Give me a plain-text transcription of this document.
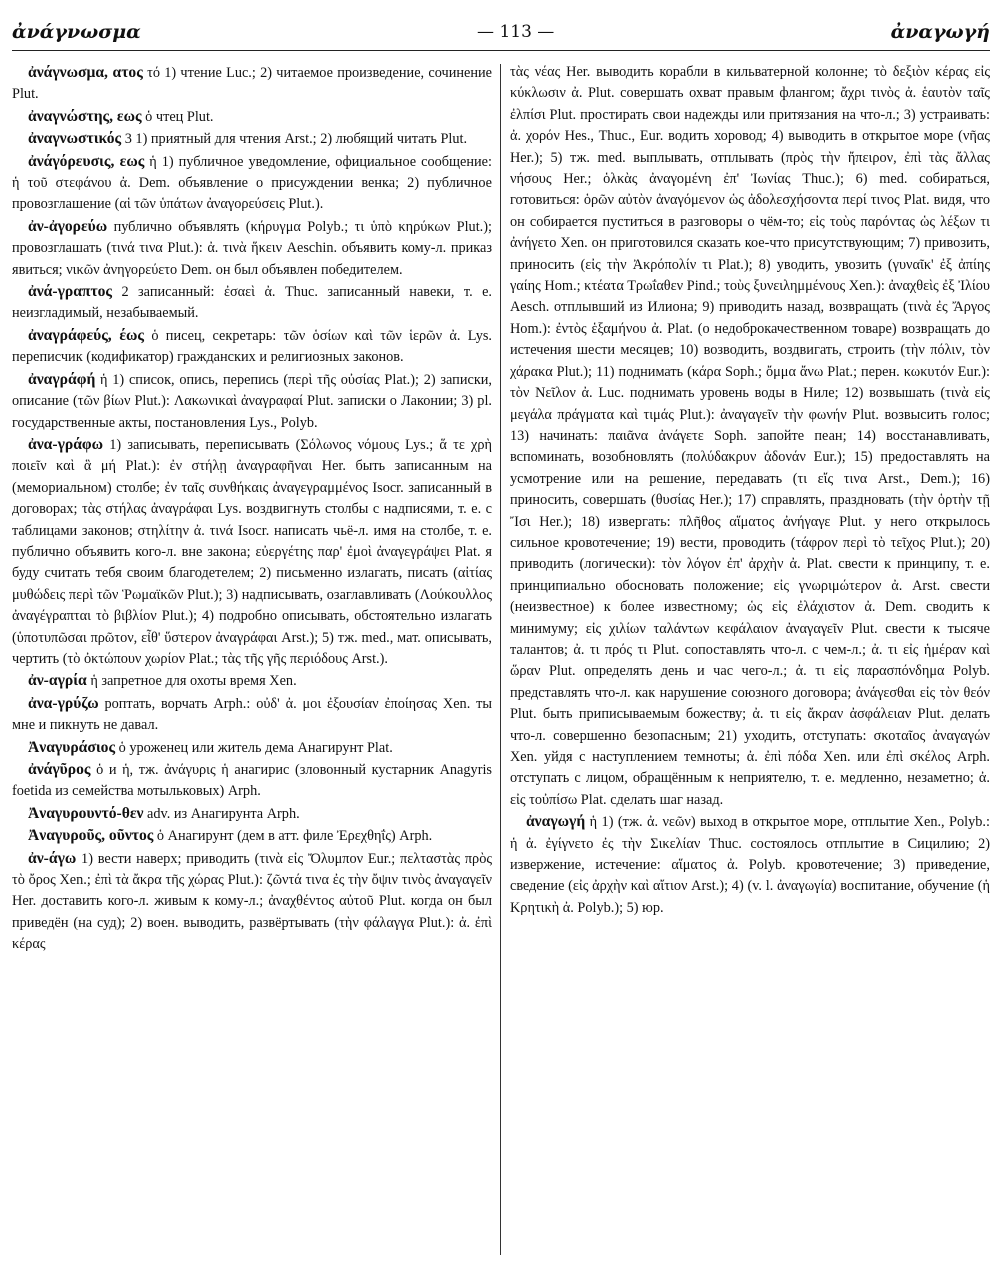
ἀνάγνωσμα	— 113 —	ἀναγωγή

ἀνάγνωσμα, ατος τό 1) чтение Luc.; 2) читаемое произведение, сочинение Plut.

ἀναγνώστης, εως ὁ чтец Plut.

ἀναγνωστικός 3 1) приятный для чтения Arst.; 2) любящий читать Plut.

ἀνάγόρευσις, εως ἡ 1) публичное уведомление, официальное сообщение: ἡ τοῦ στεφάνου ἀ. Dem. объявление о присуждении венка; 2) публичное провозглашение (αἱ τῶν ὑπάτων ἀναγορεύσεις Plut.).

ἀν-ἀγορεύω публично объявлять (κήρυγμα Polyb.; τι ὑπὸ κηρύκων Plut.); провозглашать (τινά τινα Plut.): ἀ. τινὰ ἥκειν Aeschin. объявить кому-л. приказ явиться; νικῶν ἀνηγορεύετο Dem. он был объявлен победителем.

ἀνά-γραπτος 2 записанный: ἐσαεὶ ἀ. Thuc. записанный навеки, т. е. неизгладимый, незабываемый.

ἀναγράφεύς, έως ὁ писец, секретарь: τῶν ὁσίων καὶ τῶν ἱερῶν ἀ. Lys. переписчик (кодификатор) гражданских и религиозных законов.

ἀναγράφή ἡ 1) список, опись, перепись (περὶ τῆς οὐσίας Plat.); 2) записки, описание (τῶν βίων Plut.): Λακωνικαὶ ἀναγραφαί Plut. записки о Лаконии; 3) pl. государственные акты, постановления Lys., Polyb.

ἀνα-γράφω 1) записывать, переписывать (Σόλωνος νόμους Lys.; ἅ τε χρὴ ποιεῖν καὶ ἃ μή Plat.): ἐν στήλῃ ἀναγραφῆναι Her. быть записанным на (мемориальном) столбе; ἐν ταῖς συνθήκαις ἀναγεγραμμένος Isocr. записанный в договорах; τὰς στήλας ἀναγράφαι Lys. воздвигнуть столбы с надписями, т. е. с таблицами законов; στηλίτην ἀ. τινά Isocr. написать чьё-л. имя на столбе, т. е. публично объявить кого-л. вне закона; εὐεργέτης παρ' ἐμοὶ ἀναγεγράψει Plat. я буду считать тебя своим благодетелем; 2) письменно излагать, писать (αἰτίας μυθώδεις περὶ τῶν Ῥωμαϊκῶν Plut.); 3) надписывать, озаглавливать (Λούκουλλος ἀναγέγραπται τὸ βιβλίον Plut.); 4) подробно описывать, обстоятельно излагать (ὑποτυπῶσαι πρῶτον, εἶθ' ὕστερον ἀναγράφαι Arst.); 5) тж. med., мат. описывать, чертить (τὸ ὀκτώπουν χωρίον Plat.; τὰς τῆς γῆς περιόδους Arst.).

ἀν-αγρία ἡ запретное для охоты время Xen.

ἀνα-γρύζω роптать, ворчать Arph.: οὐδ' ἀ. μοι ἐξουσίαν ἐποίησας Xen. ты мне и пикнуть не давал.

Ἀναγυράσιος ὁ уроженец или житель дема Анагирунт Plat.

ἀνάγῦρος ὁ и ἡ, тж. ἀνάγυρις ἡ анагирис (зловонный кустарник Anagyris foetida из семейства мотыльковых) Arph.

Ἀναγυρουντό-θεν adv. из Анагирунта Arph.

Ἀναγυροῦς, οῦντος ὁ Анагирунт (дем в атт. филе Ἐρεχθηΐς) Arph.

ἀν-άγω 1) вести наверх; приводить (τινὰ εἰς Ὄλυμπον Eur.; πελταστὰς πρὸς τὸ ὄρος Xen.; ἐπὶ τὰ ἄκρα τῆς χώρας Plut.): ζῶντά τινα ἐς τὴν ὄψιν τινὸς ἀναγαγεῖν Her. доставить кого-л. живым к кому-л.; ἀναχθέντος αὐτοῦ Plut. когда он был приведён (на суд); 2) воен. выводить, развёртывать (τὴν φάλαγγα Plut.): ἀ. ἐπὶ κέρας

τὰς νέας Her. выводить корабли в кильватерной колонне; τὸ δεξιὸν κέρας εἰς κύκλωσιν ἀ. Plut. совершать охват правым флангом; ἄχρι τινὸς ἀ. ἑαυτὸν ταῖς ἐλπίσι Plut. простирать свои надежды или притязания на что-л.; 3) устраивать: ἀ. χορόν Hes., Thuc., Eur. водить хоровод; 4) выводить в открытое море (νῆας Her.); 5) тж. med. выплывать, отплывать (πρὸς τὴν ἤπειρον, ἐπὶ τὰς ἄλλας νήσους Her.; ὁλκὰς ἀναγομένη ἐπ' Ἰωνίας Thuc.); 6) med. собираться, готовиться: ὁρῶν αὐτὸν ἀναγόμενον ὡς ἀδολεσχήσοντα περί τινος Plat. видя, что он собирается пуститься в разговоры о чём-то; εἰς τοὺς παρόντας ὡς λέξων τι ἀνήγετο Xen. он приготовился сказать кое-что присутствующим; 7) привозить, приносить (εἰς τὴν Ἀκρόπολίν τι Plat.); 8) уводить, увозить (γυναῖκ' ἐξ ἀπίης γαίης Hom.; κτέατα Τρωΐαθεν Pind.; τοὺς ξυνειλημμένους Xen.): ἀναχθεὶς ἐξ Ἰλίου Aesch. отплывший из Илиона; 9) приводить назад, возвращать (τινὰ ἐς Ἄργος Hom.): ἐντὸς ἑξαμήνου ἀ. Plat. (о недоброкачественном товаре) возвращать до истечения шести месяцев; 10) возводить, воздвигать, строить (τὴν πόλιν, τὸν χάρακα Plut.); 11) поднимать (κάρα Soph.; ὄμμα ἄνω Plat.; перен. κωκυτόν Eur.): τὸν Νεῖλον ἀ. Luc. поднимать уровень воды в Ниле; 12) возвышать (τινὰ εἰς μεγάλα πράγματα καὶ τιμάς Plut.): ἀναγαγεῖν τὴν φωνήν Plut. возвысить голос; 13) начинать: παιᾶνα ἀνάγετε Soph. запойте пеан; 14) восстанавливать, вспоминать, возобновлять (πολύδακρυν ἀδονάν Eur.); 15) предоставлять на усмотрение или на решение, передавать (τι εἴς τινα Arst., Dem.); 16) приносить, совершать (θυσίας Her.); 17) справлять, праздновать (τὴν ὁρτὴν τῇ Ἴσι Her.); 18) извергать: πλῆθος αἵματος ἀνήγαγε Plut. у него открылось сильное кровотечение; 19) вести, проводить (τάφρον περὶ τὸ τεῖχος Plut.); 20) приводить (логически): τὸν λόγον ἐπ' ἀρχὴν ἀ. Plat. свести к принципу, т. е. принципиально обосновать положение; εἰς γνωριμώτερον ἀ. Arst. свести (неизвестное) к более известному; ὡς εἰς ἐλάχιστον ἀ. Dem. сводить к минимуму; εἰς χιλίων ταλάντων κεφάλαιον ἀναγαγεῖν Plut. свести к тысяче талантов; ἀ. τι πρός τι Plut. сопоставлять что-л. с чем-л.; ἀ. τι εἰς ἡμέραν καὶ ὥραν Plut. определять день и час чего-л.; ἀ. τι εἰς παρασπόνδημα Polyb. представлять что-л. как нарушение союзного договора; ἀνάγεσθαι εἰς τὸν θεόν Plut. быть приписываемым божеству; ἀ. τι εἰς ἄκραν ἀσφάλειαν Plut. делать что-л. совершенно безопасным; 21) уходить, отступать: σκοταῖος ἀναγαγών Xen. уйдя с наступлением темноты; ἀ. ἐπὶ πόδα Xen. или ἐπὶ σκέλος Arph. отступать с лицом, обращённым к неприятелю, т. е. медленно, незаметно; ἀ. εἰς τοὐπίσω Plat. сделать шаг назад.

ἀναγωγή ἡ 1) (тж. ἀ. νεῶν) выход в открытое море, отплытие Xen., Polyb.: ἡ ἀ. ἐγίγνετο ἐς τὴν Σικελίαν Thuc. состоялось отплытие в Сицилию; 2) извержение, истечение: αἵματος ἀ. Polyb. кровотечение; 3) приведение, сведение (εἰς ἀρχὴν καὶ αἴτιον Arst.); 4) (v. l. ἀναγωγία) воспитание, обучение (ἡ Κρητικὴ ἀ. Polyb.); 5) юр.
